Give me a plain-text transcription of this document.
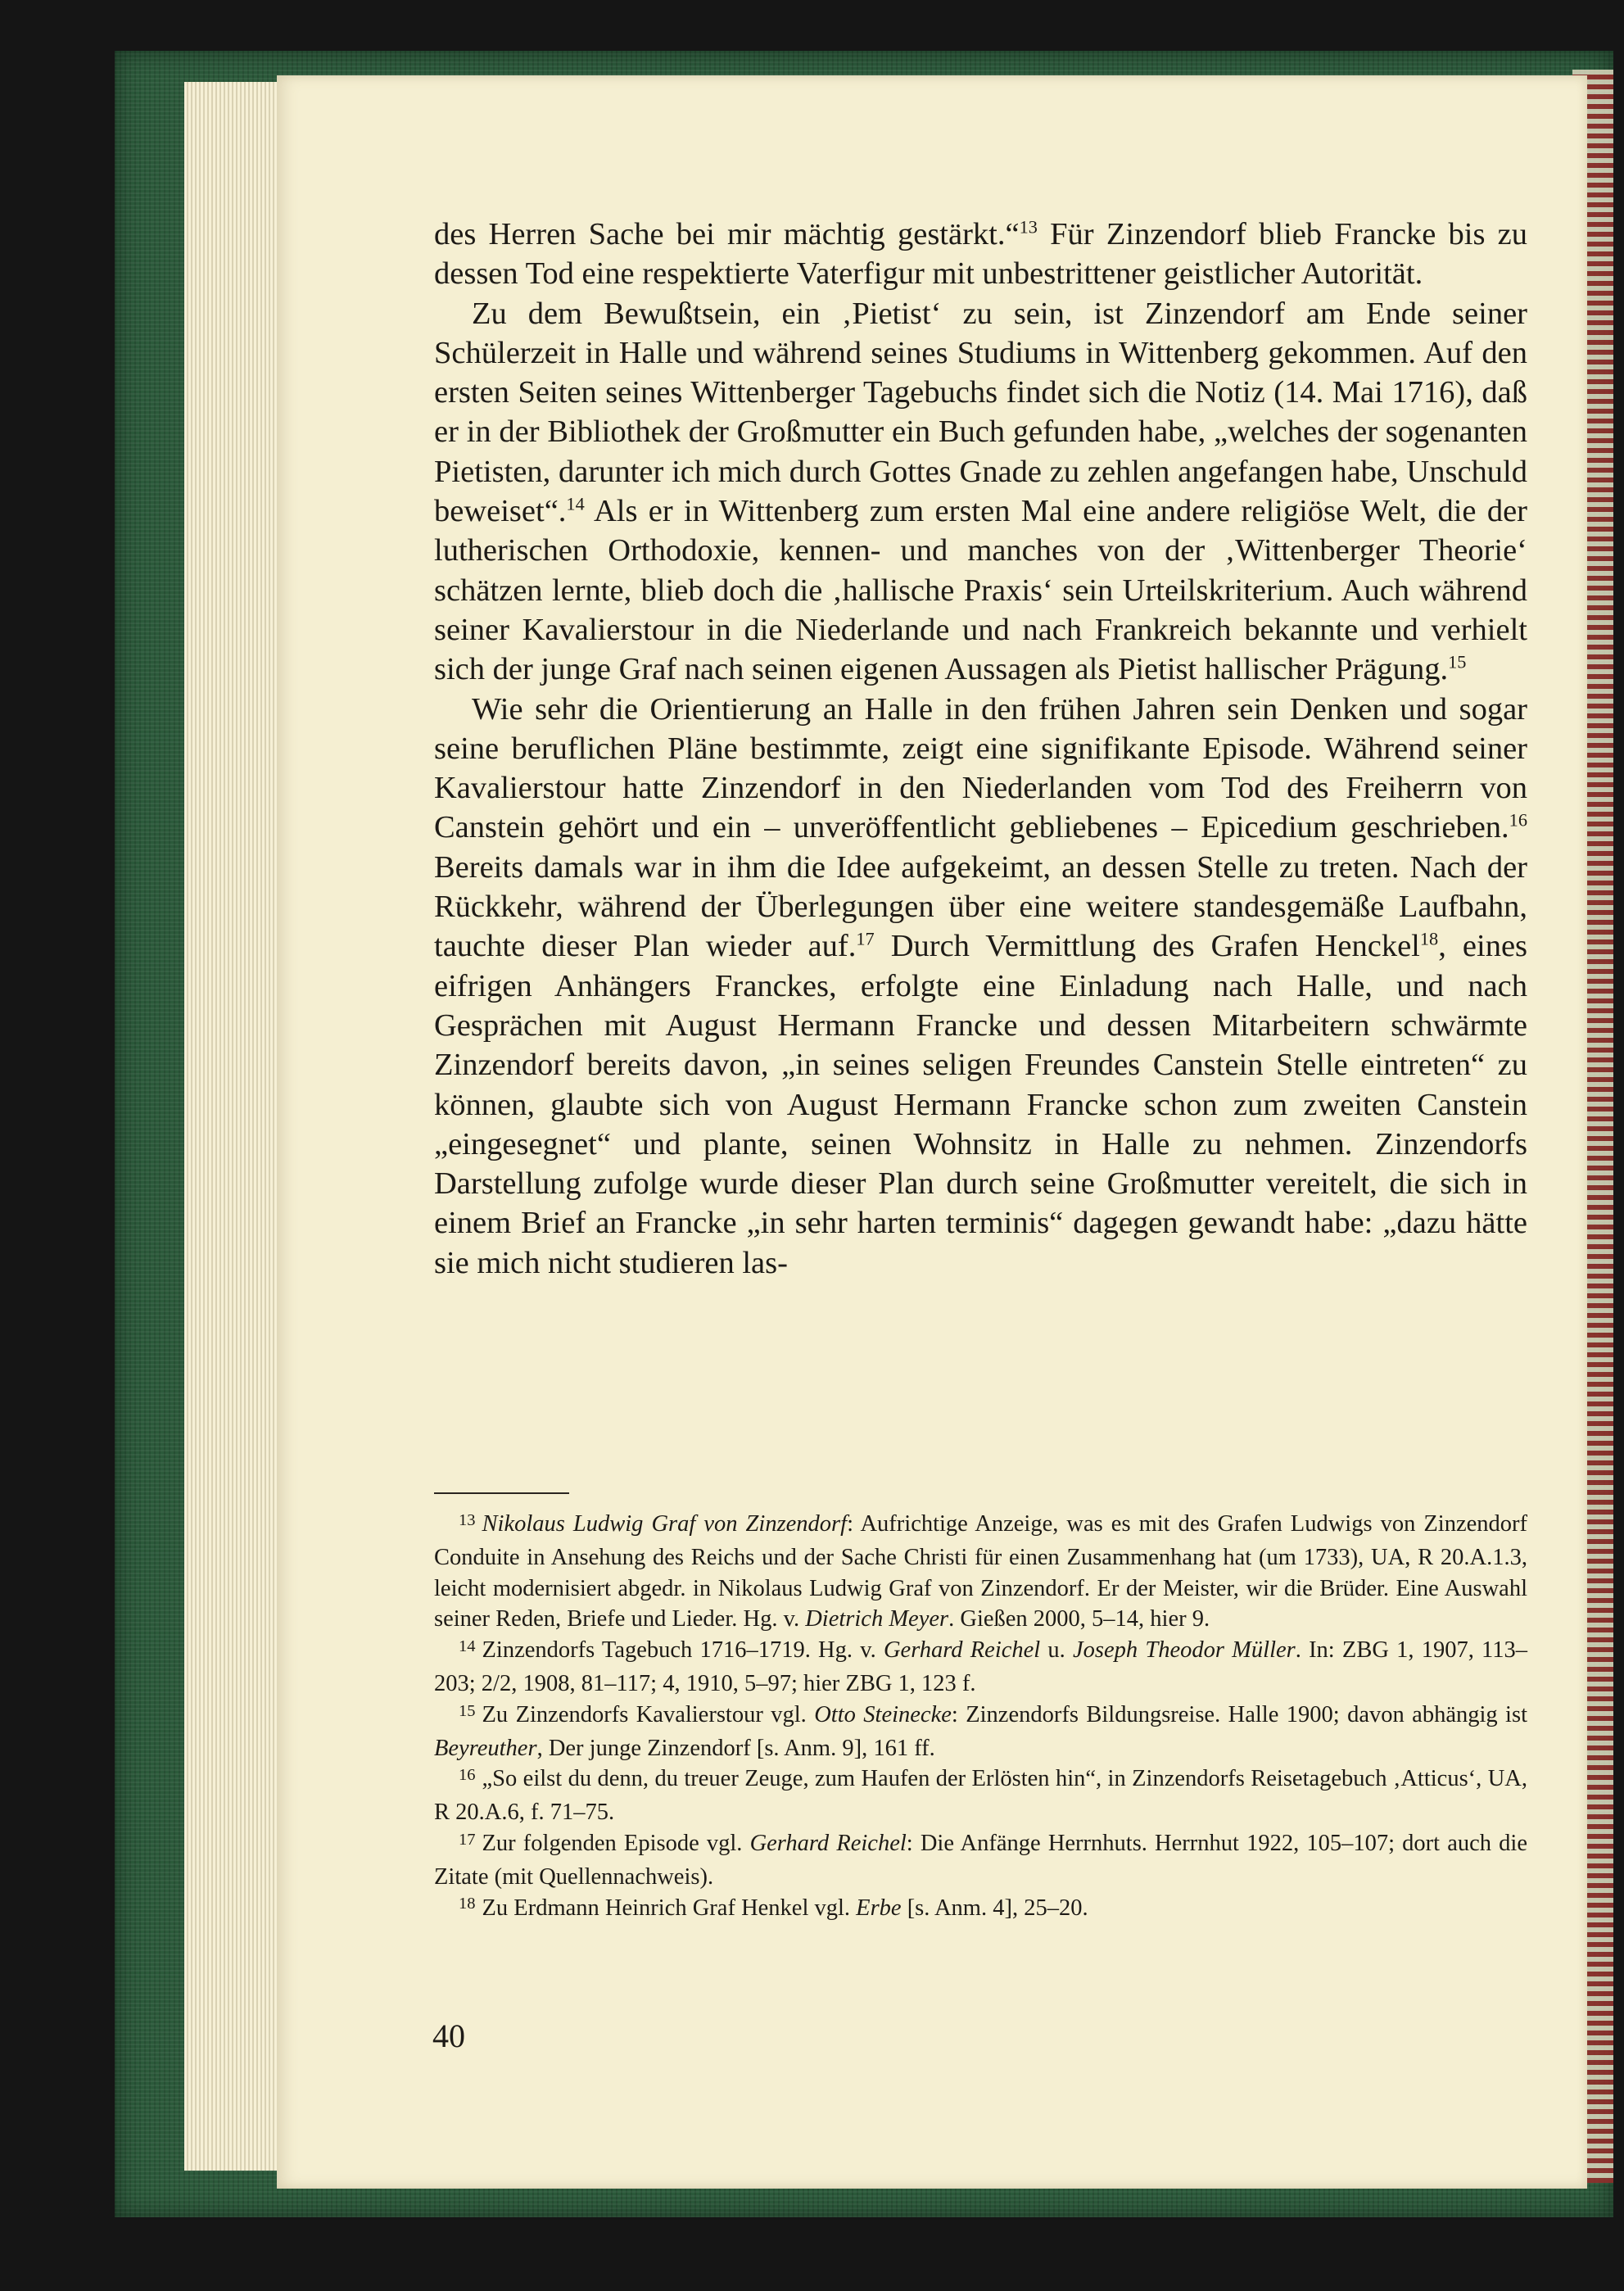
des Herren Sache bei mir mächtig gestärkt.“$^{13}$ Für Zinzendorf blieb Francke bis zu dessen Tod eine respektierte Vaterfigur mit unbestrittener geistlicher Autorität.

Zu dem Bewußtsein, ein ‚Pietist‘ zu sein, ist Zinzendorf am Ende seiner Schülerzeit in Halle und während seines Studiums in Wittenberg gekommen. Auf den ersten Seiten seines Wittenberger Tagebuchs findet sich die Notiz (14. Mai 1716), daß er in der Bibliothek der Großmutter ein Buch gefunden habe, „welches der sogenanten Pietisten, darunter ich mich durch Gottes Gnade zu zehlen angefangen habe, Unschuld beweiset“.$^{14}$ Als er in Wittenberg zum ersten Mal eine andere religiöse Welt, die der lutherischen Orthodoxie, kennen- und manches von der ‚Wittenberger Theorie‘ schätzen lernte, blieb doch die ‚hallische Praxis‘ sein Urteilskriterium. Auch während seiner Kavalierstour in die Niederlande und nach Frankreich bekannte und verhielt sich der junge Graf nach seinen eigenen Aussagen als Pietist hallischer Prägung.$^{15}$

Wie sehr die Orientierung an Halle in den frühen Jahren sein Denken und sogar seine beruflichen Pläne bestimmte, zeigt eine signifikante Episode. Während seiner Kavalierstour hatte Zinzendorf in den Niederlanden vom Tod des Freiherrn von Canstein gehört und ein – unveröffentlicht gebliebenes – Epicedium geschrieben.$^{16}$ Bereits damals war in ihm die Idee aufgekeimt, an dessen Stelle zu treten. Nach der Rückkehr, während der Überlegungen über eine weitere standesgemäße Laufbahn, tauchte dieser Plan wieder auf.$^{17}$ Durch Vermittlung des Grafen Henckel$^{18}$, eines eifrigen Anhängers Franckes, erfolgte eine Einladung nach Halle, und nach Gesprächen mit August Hermann Francke und dessen Mitarbeitern schwärmte Zinzendorf bereits davon, „in seines seligen Freundes Canstein Stelle eintreten“ zu können, glaubte sich von August Hermann Francke schon zum zweiten Canstein „eingesegnet“ und plante, seinen Wohnsitz in Halle zu nehmen. Zinzendorfs Darstellung zufolge wurde dieser Plan durch seine Großmutter vereitelt, die sich in einem Brief an Francke „in sehr harten terminis“ dagegen gewandt habe: „dazu hätte sie mich nicht studieren las-

$^{13}$ Nikolaus Ludwig Graf von Zinzendorf: Aufrichtige Anzeige, was es mit des Grafen Ludwigs von Zinzendorf Conduite in Ansehung des Reichs und der Sache Christi für einen Zusammenhang hat (um 1733), UA, R 20.A.1.3, leicht modernisiert abgedr. in Nikolaus Ludwig Graf von Zinzendorf. Er der Meister, wir die Brüder. Eine Auswahl seiner Reden, Briefe und Lieder. Hg. v. Dietrich Meyer. Gießen 2000, 5–14, hier 9.

$^{14}$ Zinzendorfs Tagebuch 1716–1719. Hg. v. Gerhard Reichel u. Joseph Theodor Müller. In: ZBG 1, 1907, 113–203; 2/2, 1908, 81–117; 4, 1910, 5–97; hier ZBG 1, 123 f.

$^{15}$ Zu Zinzendorfs Kavalierstour vgl. Otto Steinecke: Zinzendorfs Bildungsreise. Halle 1900; davon abhängig ist Beyreuther, Der junge Zinzendorf [s. Anm. 9], 161 ff.

$^{16}$ „So eilst du denn, du treuer Zeuge, zum Haufen der Erlösten hin“, in Zinzendorfs Reisetagebuch ‚Atticus‘, UA, R 20.A.6, f. 71–75.

$^{17}$ Zur folgenden Episode vgl. Gerhard Reichel: Die Anfänge Herrnhuts. Herrnhut 1922, 105–107; dort auch die Zitate (mit Quellennachweis).

$^{18}$ Zu Erdmann Heinrich Graf Henkel vgl. Erbe [s. Anm. 4], 25–20.

40
